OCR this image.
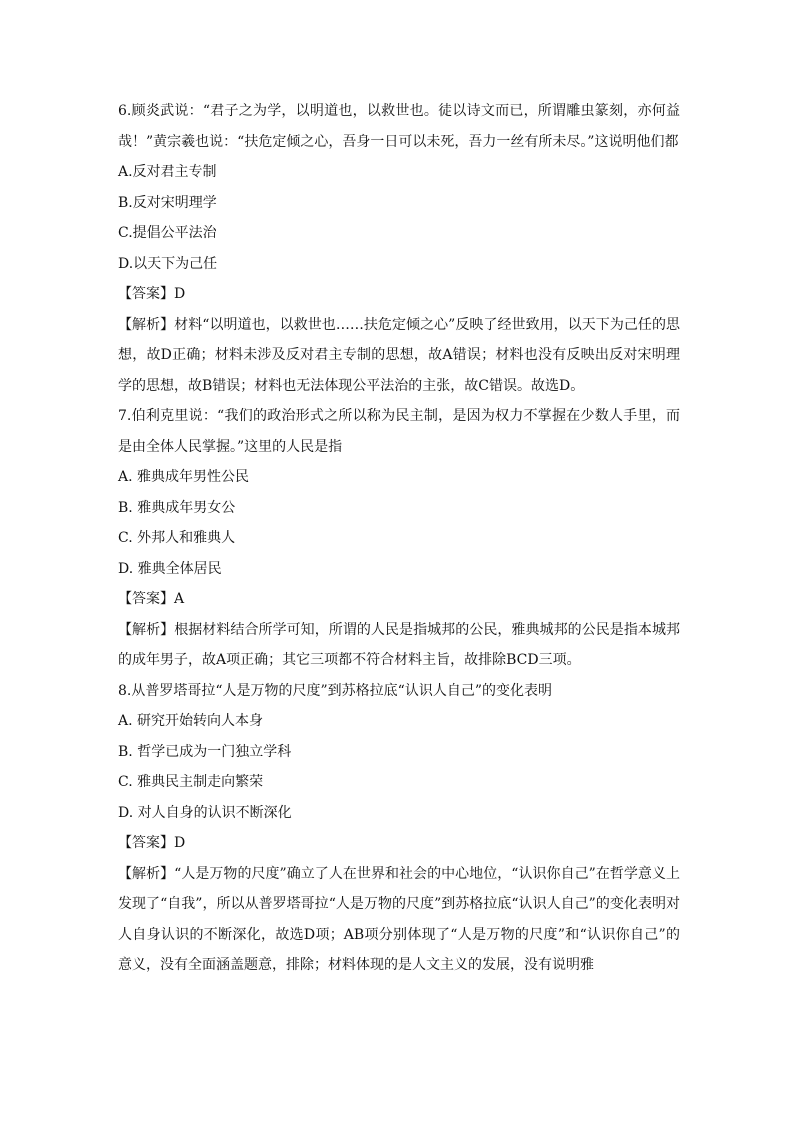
6.顾炎武说：“君子之为学，以明道也，以救世也。徒以诗文而已，所谓雕虫篆刻，亦何益哉！”黄宗羲也说：“扶危定倾之心，吾身一日可以未死，吾力一丝有所未尽。”这说明他们都
A.反对君主专制
B.反对宋明理学
C.提倡公平法治
D.以天下为己任
【答案】D
【解析】材料“以明道也，以救世也……扶危定倾之心”反映了经世致用，以天下为己任的思想，故D正确；材料未涉及反对君主专制的思想，故A错误；材料也没有反映出反对宋明理学的思想，故B错误；材料也无法体现公平法治的主张，故C错误。故选D。
7.伯利克里说：“我们的政治形式之所以称为民主制，是因为权力不掌握在少数人手里，而是由全体人民掌握。”这里的人民是指
A. 雅典成年男性公民
B. 雅典成年男女公
C. 外邦人和雅典人
D. 雅典全体居民
【答案】A
【解析】根据材料结合所学可知，所谓的人民是指城邦的公民，雅典城邦的公民是指本城邦的成年男子，故A项正确；其它三项都不符合材料主旨，故排除BCD三项。
8.从普罗塔哥拉“人是万物的尺度”到苏格拉底“认识人自己”的变化表明
A. 研究开始转向人本身
B. 哲学已成为一门独立学科
C. 雅典民主制走向繁荣
D. 对人自身的认识不断深化
【答案】D
【解析】“人是万物的尺度”确立了人在世界和社会的中心地位，“认识你自己”在哲学意义上发现了“自我”，所以从普罗塔哥拉“人是万物的尺度”到苏格拉底“认识人自己”的变化表明对人自身认识的不断深化，故选D项；AB项分别体现了“人是万物的尺度”和“认识你自己”的意义，没有全面涵盖题意，排除；材料体现的是人文主义的发展，没有说明雅
